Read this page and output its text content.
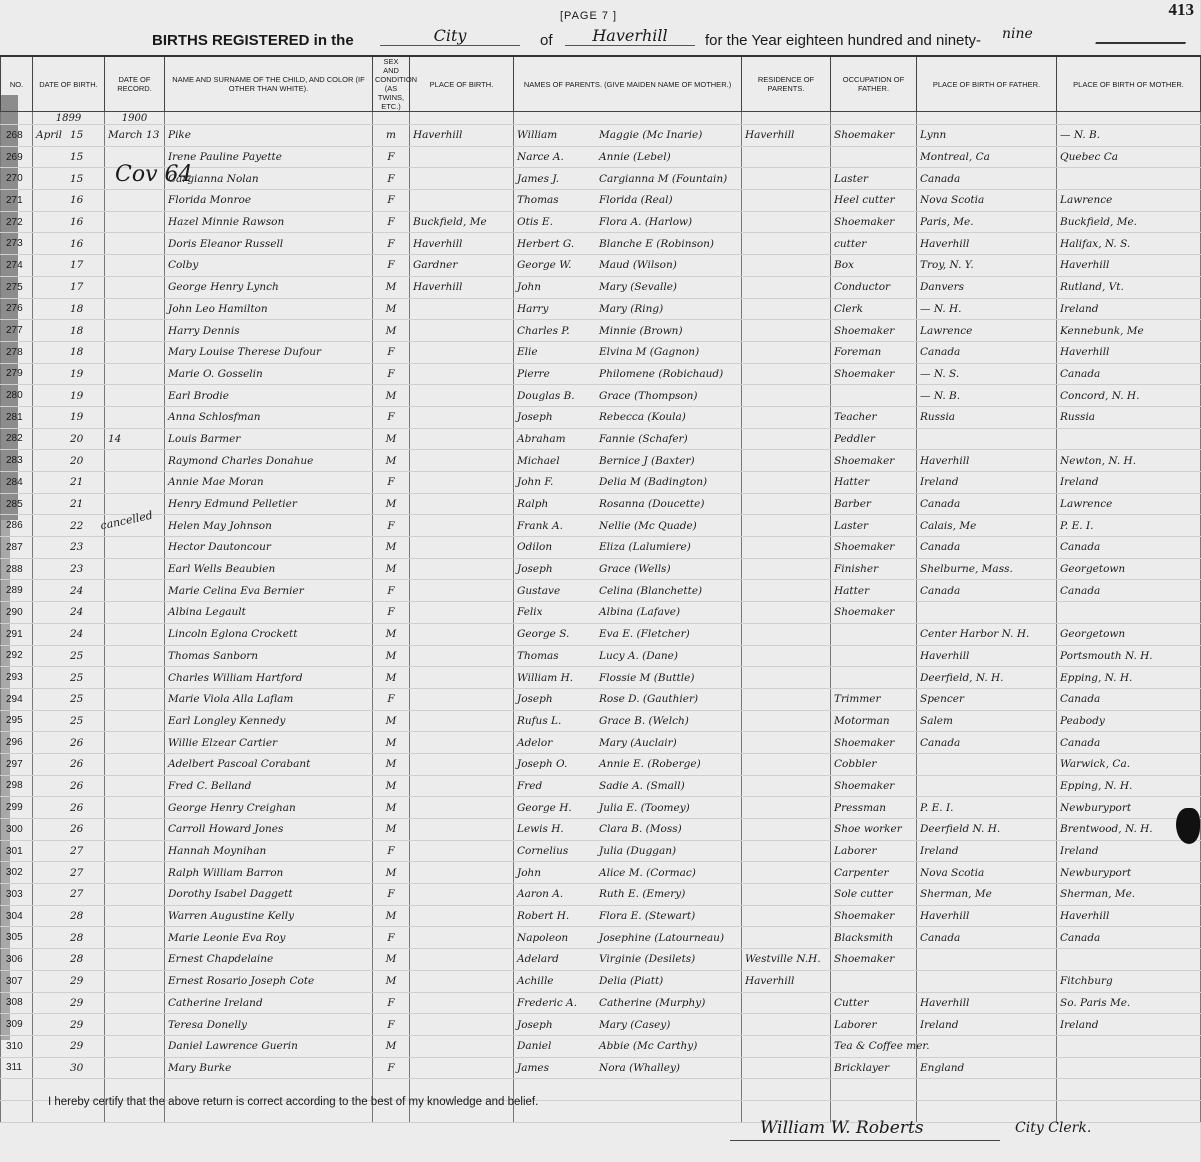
[PAGE 7 ]	413
BIRTHS REGISTERED in the	City	of	Haverhill	for the Year eighteen hundred and ninety- nine
NO.	DATE OF BIRTH.	DATE OF RECORD.	NAME AND SURNAME OF THE CHILD, AND COLOR (IF OTHER THAN WHITE).	SEX AND CONDITION (AS TWINS, ETC.)	PLACE OF BIRTH.	NAMES OF PARENTS. (GIVE MAIDEN NAME OF MOTHER.)	RESIDENCE OF PARENTS.	OCCUPATION OF FATHER.	PLACE OF BIRTH OF FATHER.	PLACE OF BIRTH OF MOTHER.
	1899	1900								
268	April 15	March 13	Pike	m	Haverhill	William Maggie (Mc Inarie)	Haverhill	Shoemaker	Lynn	— N. B.
269	15		Irene Pauline Payette	F		Narce A. Annie (Lebel)			Montreal, Ca	Quebec Ca
270	15		Cargianna Nolan	F		James J. Cargianna M (Fountain)		Laster	Canada	
271	16		Florida Monroe	F		Thomas Florida (Real)		Heel cutter	Nova Scotia	Lawrence
272	16		Hazel Minnie Rawson	F	Buckfield, Me	Otis E. Flora A. (Harlow)		Shoemaker	Paris, Me.	Buckfield, Me.
273	16		Doris Eleanor Russell	F	Haverhill	Herbert G. Blanche E (Robinson)		cutter	Haverhill	Halifax, N. S.
274	17		Colby	F	Gardner	George W. Maud (Wilson)		Box	Troy, N. Y.	Haverhill
275	17		George Henry Lynch	M	Haverhill	John Mary (Sevalle)		Conductor	Danvers	Rutland, Vt.
276	18		John Leo Hamilton	M		Harry Mary (Ring)		Clerk	— N. H.	Ireland
277	18		Harry Dennis	M		Charles P. Minnie (Brown)		Shoemaker	Lawrence	Kennebunk, Me
278	18		Mary Louise Therese Dufour	F		Elie Elvina M (Gagnon)		Foreman	Canada	Haverhill
279	19		Marie O. Gosselin	F		Pierre Philomene (Robichaud)		Shoemaker	— N. S.	Canada
280	19		Earl Brodie	M		Douglas B. Grace (Thompson)			— N. B.	Concord, N. H.
281	19		Anna Schlosfman	F		Joseph Rebecca (Koula)		Teacher	Russia	Russia
282	20	14	Louis Barmer	M		Abraham Fannie (Schafer)		Peddler		
283	20		Raymond Charles Donahue	M		Michael Bernice J (Baxter)		Shoemaker	Haverhill	Newton, N. H.
284	21		Annie Mae Moran	F		John F. Delia M (Badington)		Hatter	Ireland	Ireland
285	21		Henry Edmund Pelletier	M		Ralph Rosanna (Doucette)		Barber	Canada	Lawrence
286	22		Helen May Johnson	F		Frank A. Nellie (Mc Quade)		Laster	Calais, Me	P. E. I.
287	23		Hector Dautoncour	M		Odilon Eliza (Lalumiere)		Shoemaker	Canada	Canada
288	23		Earl Wells Beaubien	M		Joseph Grace (Wells)		Finisher	Shelburne, Mass.	Georgetown
289	24		Marie Celina Eva Bernier	F		Gustave Celina (Blanchette)		Hatter	Canada	Canada
290	24		Albina Legault	F		Felix Albina (Lafave)		Shoemaker		
291	24		Lincoln Eglona Crockett	M		George S. Eva E. (Fletcher)			Center Harbor N. H.	Georgetown
292	25		Thomas Sanborn	M		Thomas Lucy A. (Dane)			Haverhill	Portsmouth N. H.
293	25		Charles William Hartford	M		William H. Flossie M (Buttle)			Deerfield, N. H.	Epping, N. H.
294	25		Marie Viola Alla Laflam	F		Joseph Rose D. (Gauthier)		Trimmer	Spencer	Canada
295	25		Earl Longley Kennedy	M		Rufus L. Grace B. (Welch)		Motorman	Salem	Peabody
296	26		Willie Elzear Cartier	M		Adelor Mary (Auclair)		Shoemaker	Canada	Canada
297	26		Adelbert Pascoal Corabant	M		Joseph O. Annie E. (Roberge)		Cobbler		Warwick, Ca.
298	26		Fred C. Belland	M		Fred Sadie A. (Small)		Shoemaker		Epping, N. H.
299	26		George Henry Creighan	M		George H. Julia E. (Toomey)		Pressman	P. E. I.	Newburyport
300	26		Carroll Howard Jones	M		Lewis H. Clara B. (Moss)		Shoe worker	Deerfield N. H.	Brentwood, N. H.
301	27		Hannah Moynihan	F		Cornelius Julia (Duggan)		Laborer	Ireland	Ireland
302	27		Ralph William Barron	M		John Alice M. (Cormac)		Carpenter	Nova Scotia	Newburyport
303	27		Dorothy Isabel Daggett	F		Aaron A. Ruth E. (Emery)		Sole cutter	Sherman, Me	Sherman, Me.
304	28		Warren Augustine Kelly	M		Robert H. Flora E. (Stewart)		Shoemaker	Haverhill	Haverhill
305	28		Marie Leonie Eva Roy	F		Napoleon Josephine (Latourneau)		Blacksmith	Canada	Canada
306	28		Ernest Chapdelaine	M		Adelard Virginie (Desilets)	Westville N.H.	Shoemaker		
307	29		Ernest Rosario Joseph Cote	M		Achille Delia (Piatt)	Haverhill			Fitchburg
308	29		Catherine Ireland	F		Frederic A. Catherine (Murphy)		Cutter	Haverhill	So. Paris Me.
309	29		Teresa Donelly	F		Joseph Mary (Casey)		Laborer	Ireland	Ireland
310	29		Daniel Lawrence Guerin	M		Daniel Abbie (Mc Carthy)		Tea & Coffee mer.		
311	30		Mary Burke	F		James Nora (Whalley)		Bricklayer	England	

Cov 64
cancelled
I hereby certify that the above return is correct according to the best of my knowledge and belief.
William W. Roberts	City Clerk.
